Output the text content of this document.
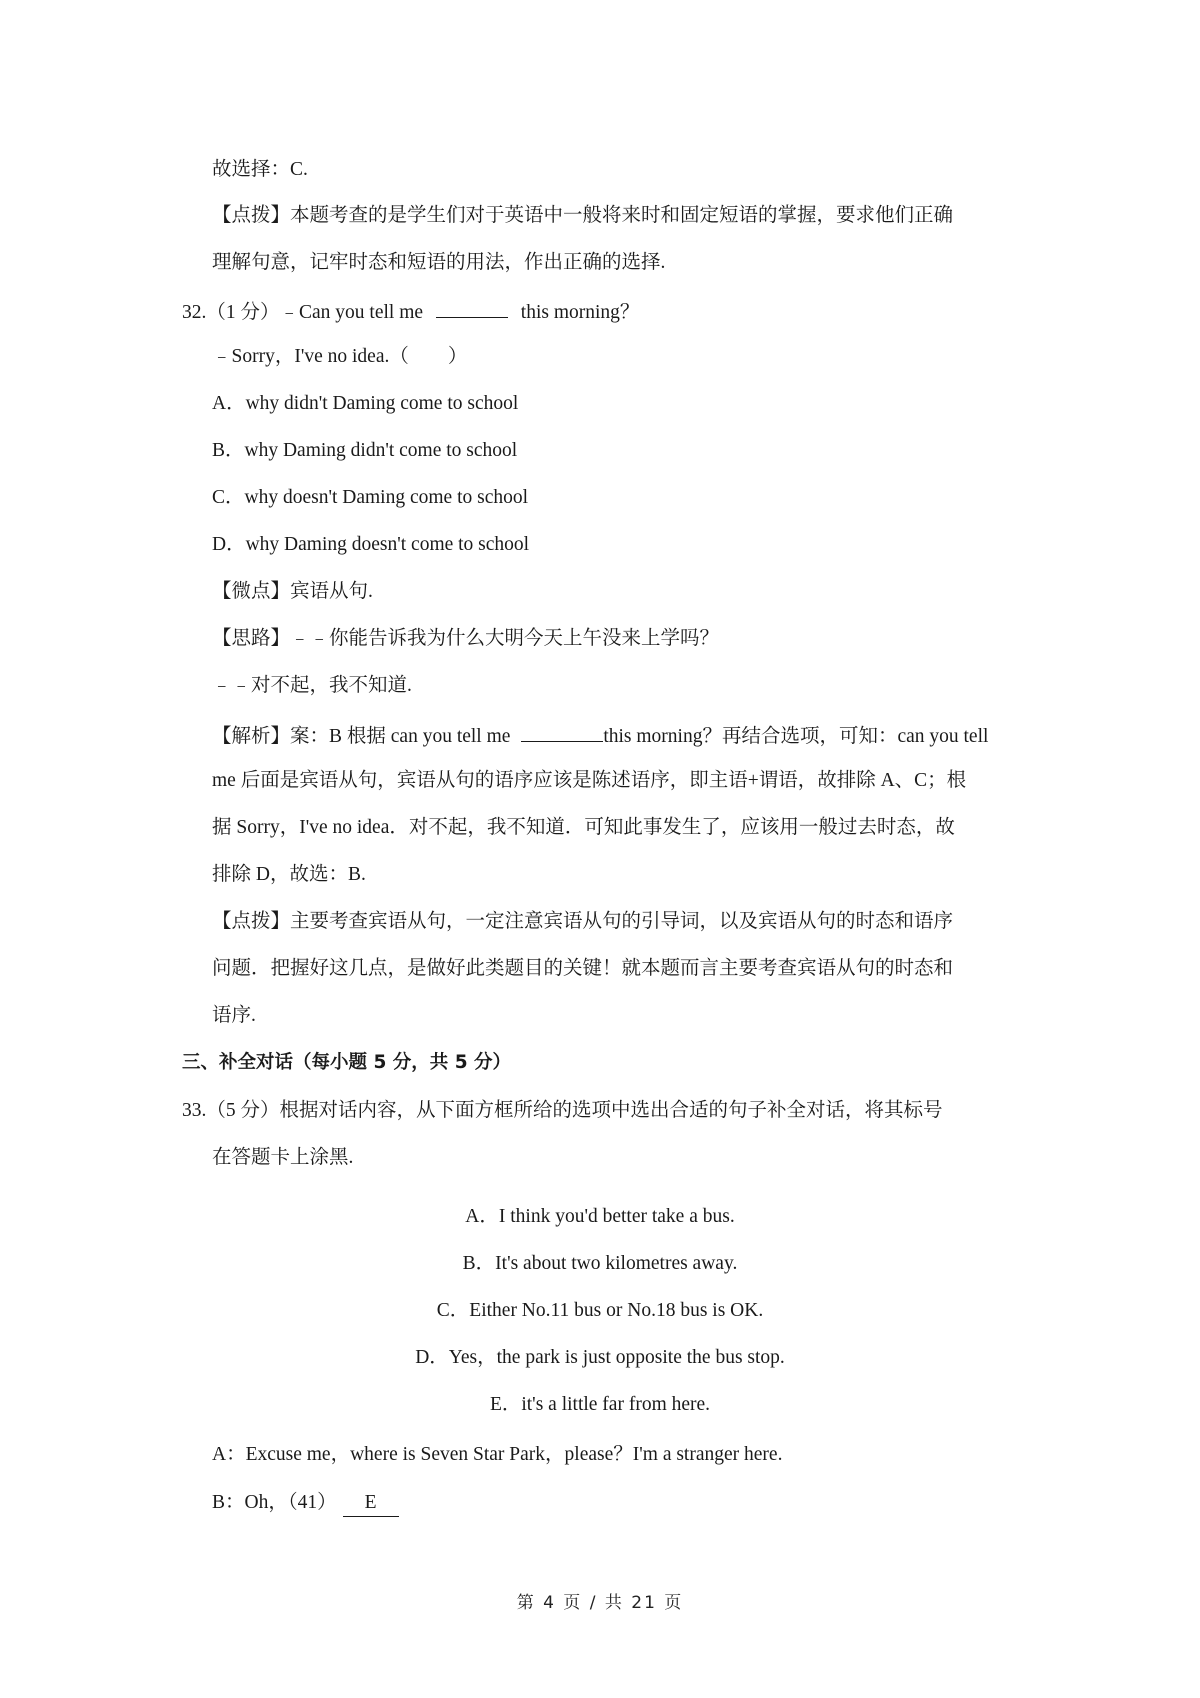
故选择：C.
【点拨】本题考查的是学生们对于英语中一般将来时和固定短语的掌握，要求他们正确
理解句意，记牢时态和短语的用法，作出正确的选择.
32.（1 分）﹣Can you tell me	this morning？
﹣Sorry，I've no idea.（　　）
A．why didn't Daming come to school
B．why Daming didn't come to school
C．why doesn't Daming come to school
D．why Daming doesn't come to school
【微点】宾语从句.
【思路】﹣﹣你能告诉我为什么大明今天上午没来上学吗？
﹣﹣对不起，我不知道.
【解析】案：B 根据 can you tell me	this morning？再结合选项，可知：can you tell
me 后面是宾语从句，宾语从句的语序应该是陈述语序，即主语+谓语，故排除 A、C；根
据 Sorry，I've no idea．对不起，我不知道．可知此事发生了，应该用一般过去时态，故
排除 D，故选：B.
【点拨】主要考查宾语从句，一定注意宾语从句的引导词，以及宾语从句的时态和语序
问题．把握好这几点，是做好此类题目的关键！就本题而言主要考查宾语从句的时态和
语序.
三、补全对话（每小题 5 分，共 5 分）
33.（5 分）根据对话内容，从下面方框所给的选项中选出合适的句子补全对话，将其标号
在答题卡上涂黑.
A．I think you'd better take a bus.
B．It's about two kilometres away.
C．Either No.11 bus or No.18 bus is OK.
D．Yes，the park is just opposite the bus stop.
E．it's a little far from here.
A：Excuse me，where is Seven Star Park，please？I'm a stranger here.
B：Oh，（41） E
第 4 页 / 共 21 页
